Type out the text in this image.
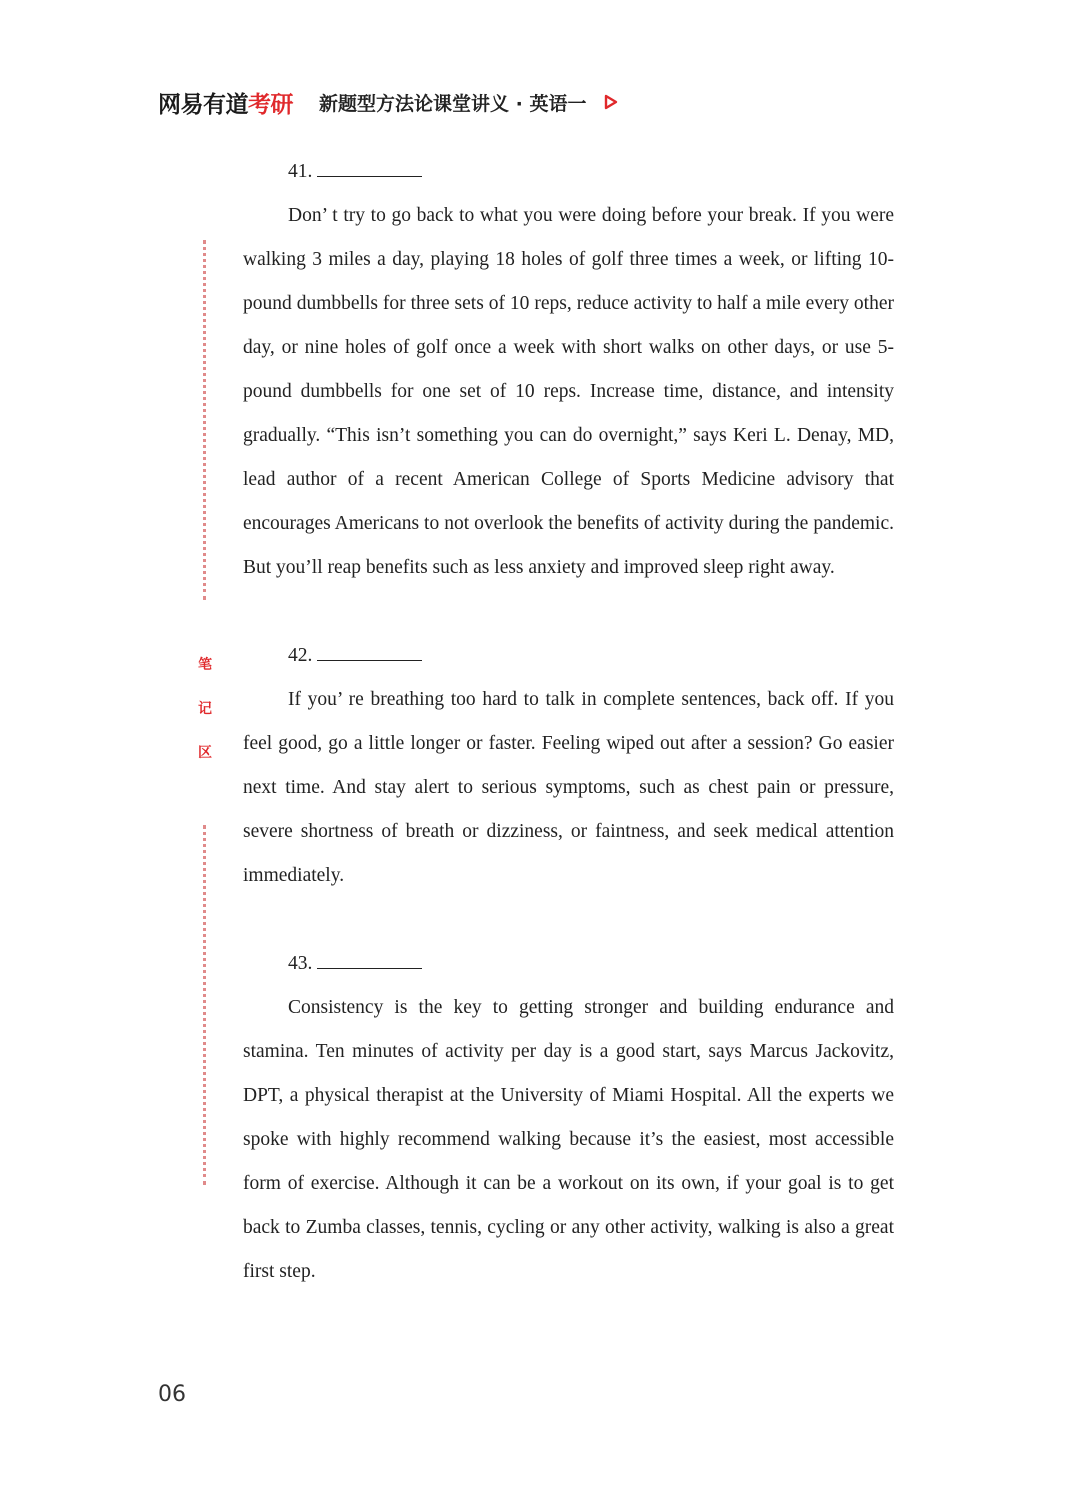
网易有道 考研 新题型方法论课堂讲义 · 英语一
笔
记
区
41.

Don’ t try to go back to what you were doing before your break. If you were walking 3 miles a day, playing 18 holes of golf three times a week, or lifting 10-pound dumbbells for three sets of 10 reps, reduce activity to half a mile every other day, or nine holes of golf once a week with short walks on other days, or use 5-pound dumbbells for one set of 10 reps. Increase time, distance, and intensity gradually. “This isn’t something you can do overnight,” says Keri L. Denay, MD, lead author of a recent American College of Sports Medicine advisory that encourages Americans to not overlook the benefits of activity during the pandemic. But you’ll reap benefits such as less anxiety and improved sleep right away.

42.

If you’ re breathing too hard to talk in complete sentences, back off. If you feel good, go a little longer or faster. Feeling wiped out after a session? Go easier next time. And stay alert to serious symptoms, such as chest pain or pressure, severe shortness of breath or dizziness, or faintness, and seek medical attention immediately.

43.

Consistency is the key to getting stronger and building endurance and stamina. Ten minutes of activity per day is a good start, says Marcus Jackovitz, DPT, a physical therapist at the University of Miami Hospital. All the experts we spoke with highly recommend walking because it’s the easiest, most accessible form of exercise. Although it can be a workout on its own, if your goal is to get back to Zumba classes, tennis, cycling or any other activity, walking is also a great first step.

06
